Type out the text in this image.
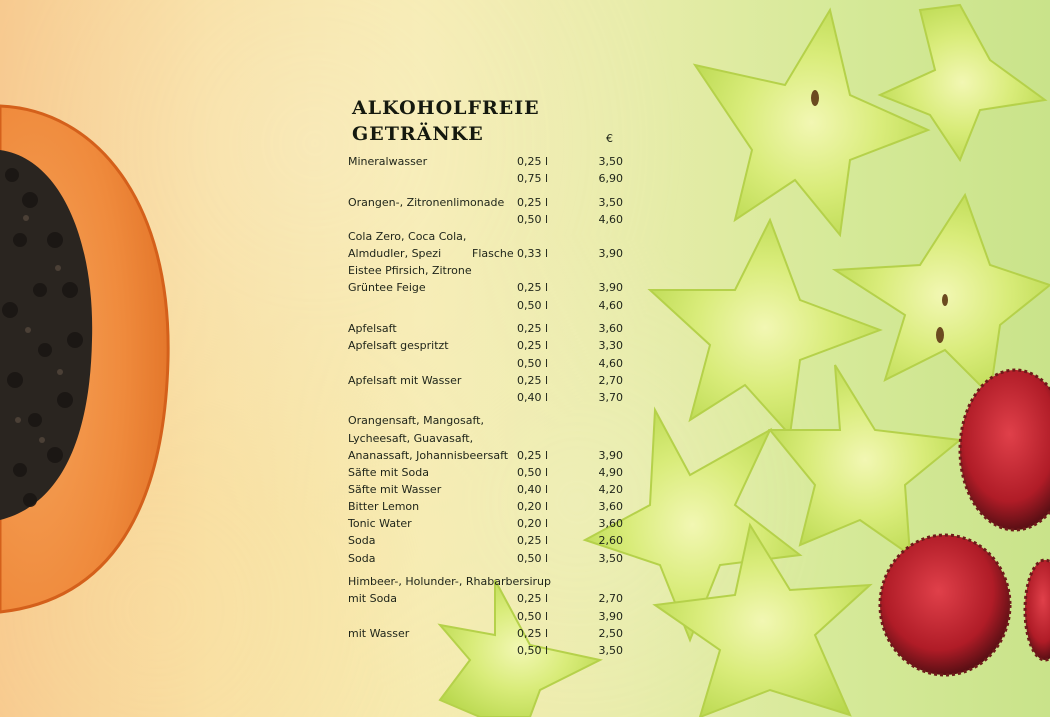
ALKOHOLFREIE GETRÄNKE	€
Mineralwasser	0,25 l	3,50
0,75 l	6,90
Orangen-, Zitronenlimonade 0,25 l	3,50
0,50 l	4,60
Cola Zero, Coca Cola,
Almdudler, Spezi	Flasche 0,33 l	3,90
Eistee Pfirsich, Zitrone
Grüntee Feige	0,25 l	3,90
0,50 l	4,60
Apfelsaft	0,25 l	3,60
Apfelsaft gespritzt	0,25 l	3,30
0,50 l	4,60
Apfelsaft mit Wasser	0,25 l	2,70
0,40 l	3,70
Orangensaft, Mangosaft,
Lycheesaft, Guavasaft,
Ananassaft, Johannisbeersaft 0,25 l	3,90
Säfte mit Soda	0,50 l	4,90
Säfte mit Wasser	0,40 l	4,20
Bitter Lemon	0,20 l	3,60
Tonic Water	0,20 l	3,60
Soda	0,25 l	2,60
Soda	0,50 l	3,50
Himbeer-, Holunder-, Rhabarbersirup
mit Soda	0,25 l	2,70
0,50 l	3,90
mit Wasser	0,25 l	2,50
0,50 l	3,50
